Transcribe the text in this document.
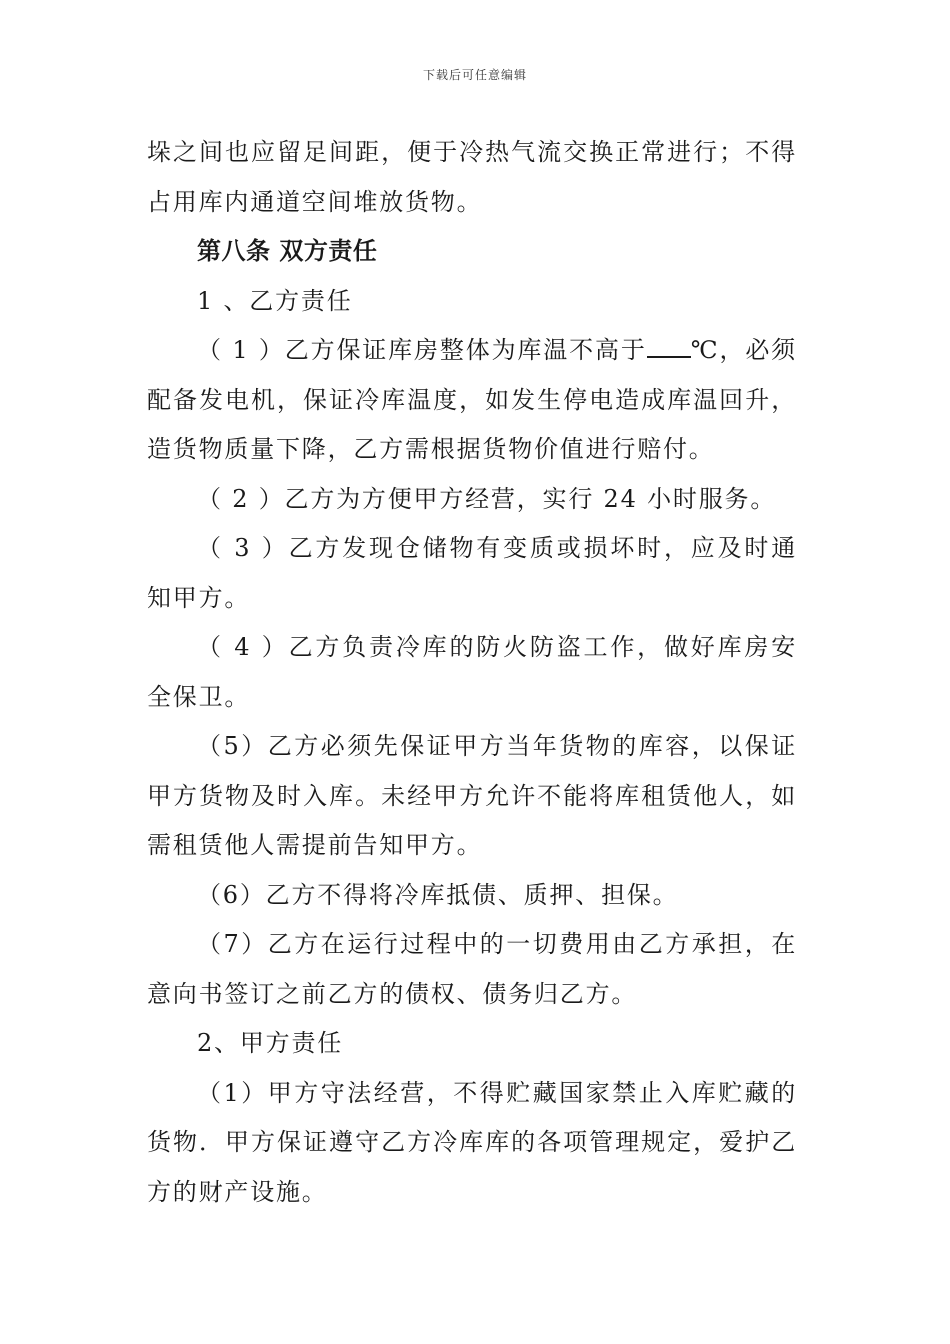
下载后可任意编辑

垛之间也应留足间距，便于冷热气流交换正常进行；不得占用库内通道空间堆放货物。

第八条 双方责任

1 、乙方责任

（ 1 ）乙方保证库房整体为库温不高于 ℃，必须配备发电机，保证冷库温度，如发生停电造成库温回升，造货物质量下降，乙方需根据货物价值进行赔付。

（ 2 ）乙方为方便甲方经营，实行 24 小时服务。

（ 3 ）乙方发现仓储物有变质或损坏时，应及时通知甲方。

（ 4 ）乙方负责冷库的防火防盗工作，做好库房安全保卫。

（5）乙方必须先保证甲方当年货物的库容，以保证甲方货物及时入库。未经甲方允许不能将库租赁他人，如需租赁他人需提前告知甲方。

（6）乙方不得将冷库抵债、质押、担保。

（7）乙方在运行过程中的一切费用由乙方承担，在意向书签订之前乙方的债权、债务归乙方。

2、甲方责任

（1）甲方守法经营，不得贮藏国家禁止入库贮藏的货物．甲方保证遵守乙方冷库库的各项管理规定，爱护乙方的财产设施。
